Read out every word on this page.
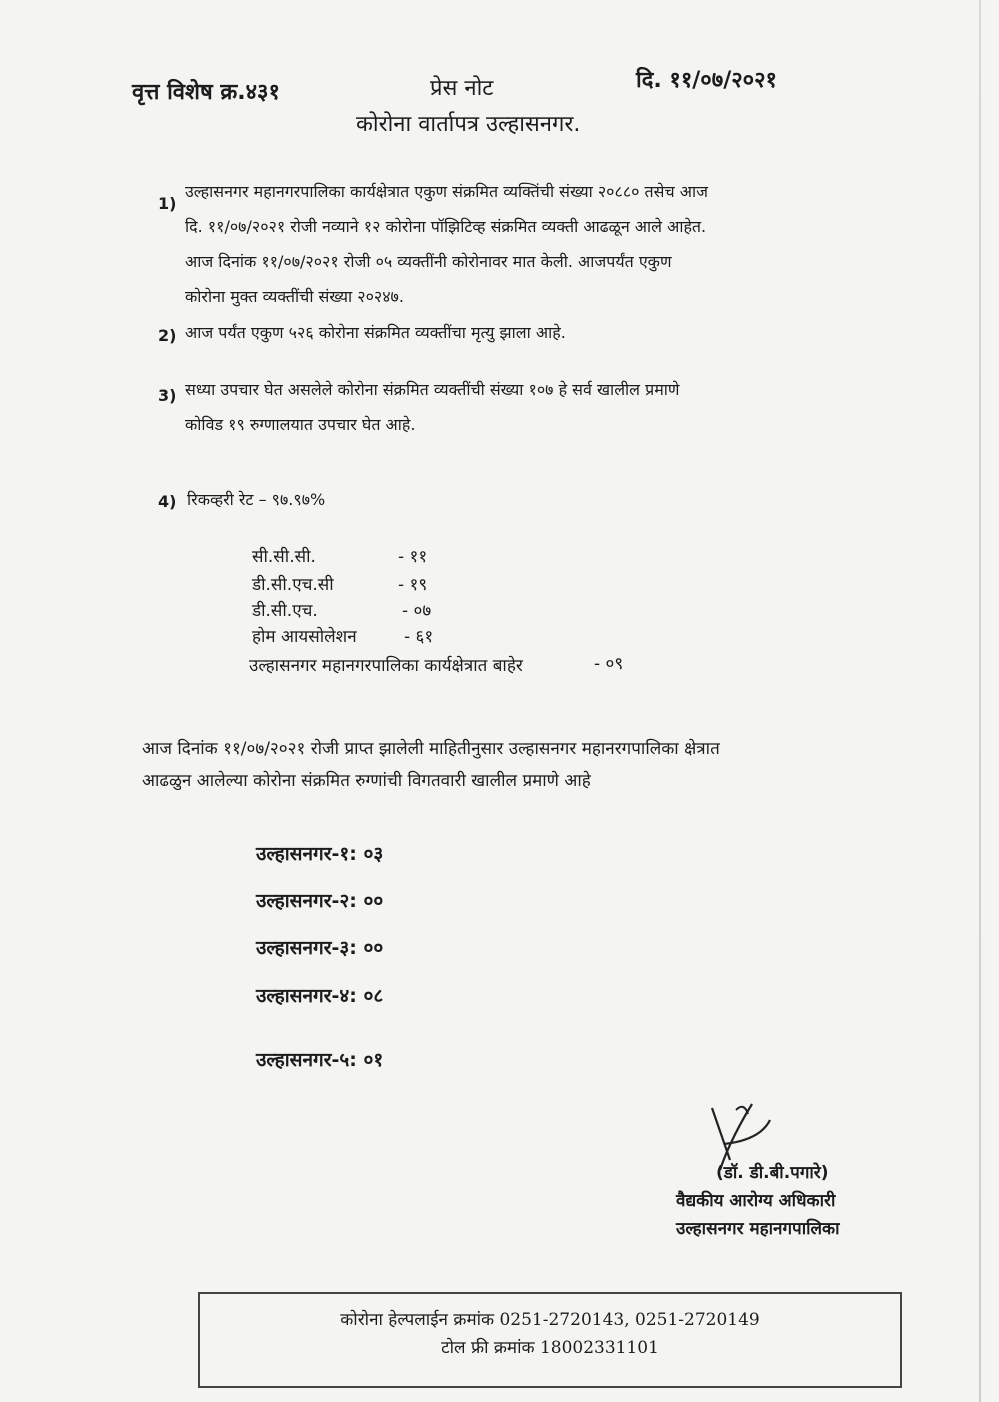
वृत्त विशेष क्र.४३१	प्रेस नोट	दि. ११/०७/२०२१
कोरोना वार्तापत्र उल्हासनगर.
1)
उल्हासनगर महानगरपालिका कार्यक्षेत्रात एकुण संक्रमित व्यक्तिंची संख्या २०८८० तसेच आज
दि. ११/०७/२०२१ रोजी नव्याने १२ कोरोना पॉझिटिव्ह संक्रमित व्यक्ती आढळून आले आहेत.
आज दिनांक ११/०७/२०२१ रोजी ०५ व्यक्तींनी कोरोनावर मात केली. आजपर्यंत एकुण
कोरोना मुक्त व्यक्तींची संख्या २०२४७.
2) आज पर्यंत एकुण ५२६ कोरोना संक्रमित व्यक्तींचा मृत्यु झाला आहे.
3) सध्या उपचार घेत असलेले कोरोना संक्रमित व्यक्तींची संख्या १०७ हे सर्व खालील प्रमाणे
कोविड १९ रुग्णालयात उपचार घेत आहे.
4) रिकव्हरी रेट – ९७.९७%
सी.सी.सी.	- ११
डी.सी.एच.सी	- १९
डी.सी.एच.	- ०७
होम आयसोलेशन	- ६१
उल्हासनगर महानगरपालिका कार्यक्षेत्रात बाहेर	- ०९
आज दिनांक ११/०७/२०२१ रोजी प्राप्त झालेली माहितीनुसार उल्हासनगर महानरगपालिका क्षेत्रात
आढळुन आलेल्या कोरोना संक्रमित रुग्णांची विगतवारी खालील प्रमाणे आहे
उल्हासनगर-१: ०३
उल्हासनगर-२: ००
उल्हासनगर-३: ००
उल्हासनगर-४: ०८
उल्हासनगर-५: ०१
(डॉ. डी.बी.पगारे)
वैद्यकीय आरोग्य अधिकारी
उल्हासनगर महानगपालिका
कोरोना हेल्पलाईन क्रमांक 0251-2720143, 0251-2720149
टोल फ्री क्रमांक 18002331101
